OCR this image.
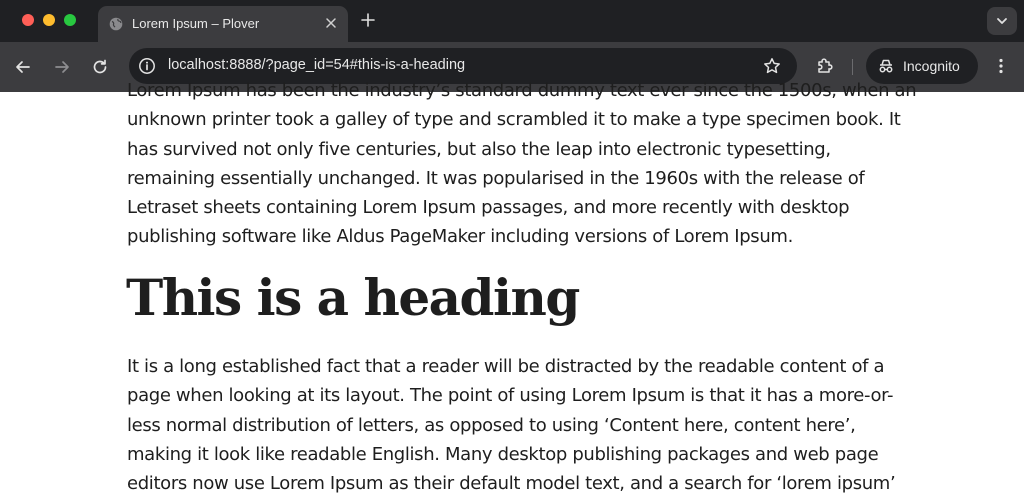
Lorem Ipsum – Plover
localhost:8888/?page_id=54#this-is-a-heading	Incognito
Lorem Ipsum has been the industry’s standard dummy text ever since the 1500s, when an
unknown printer took a galley of type and scrambled it to make a type specimen book. It
has survived not only five centuries, but also the leap into electronic typesetting,
remaining essentially unchanged. It was popularised in the 1960s with the release of
Letraset sheets containing Lorem Ipsum passages, and more recently with desktop
publishing software like Aldus PageMaker including versions of Lorem Ipsum.
This is a heading
It is a long established fact that a reader will be distracted by the readable content of a
page when looking at its layout. The point of using Lorem Ipsum is that it has a more-or-
less normal distribution of letters, as opposed to using ‘Content here, content here’,
making it look like readable English. Many desktop publishing packages and web page
editors now use Lorem Ipsum as their default model text, and a search for ‘lorem ipsum’
